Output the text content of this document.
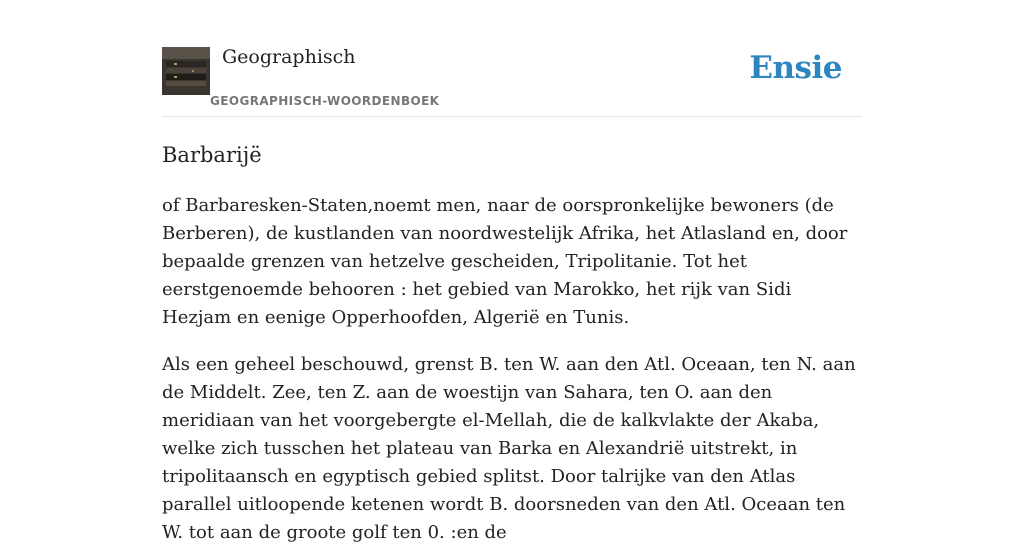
Geographisch
GEOGRAPHISCH-WOORDENBOEK
Ensie
Barbarijë

of Barbaresken-Staten,noemt men, naar de oorspronkelijke bewoners (de Berberen), de kustlanden van noordwestelijk Afrika, het Atlasland en, door bepaalde grenzen van hetzelve gescheiden, Tripolitanie. Tot het eerstgenoemde behooren : het gebied van Marokko, het rijk van Sidi Hezjam en eenige Opperhoofden, Algerië en Tunis.

Als een geheel beschouwd, grenst B. ten W. aan den Atl. Oceaan, ten N. aan de Middelt. Zee, ten Z. aan de woestijn van Sahara, ten O. aan den meridiaan van het voorgebergte el-Mellah, die de kalkvlakte der Akaba, welke zich tusschen het plateau van Barka en Alexandrië uitstrekt, in tripolitaansch en egyptisch gebied splitst. Door talrijke van den Atlas parallel uitloopende ketenen wordt B. doorsneden van den Atl. Oceaan ten W. tot aan de groote golf ten 0. :en de
